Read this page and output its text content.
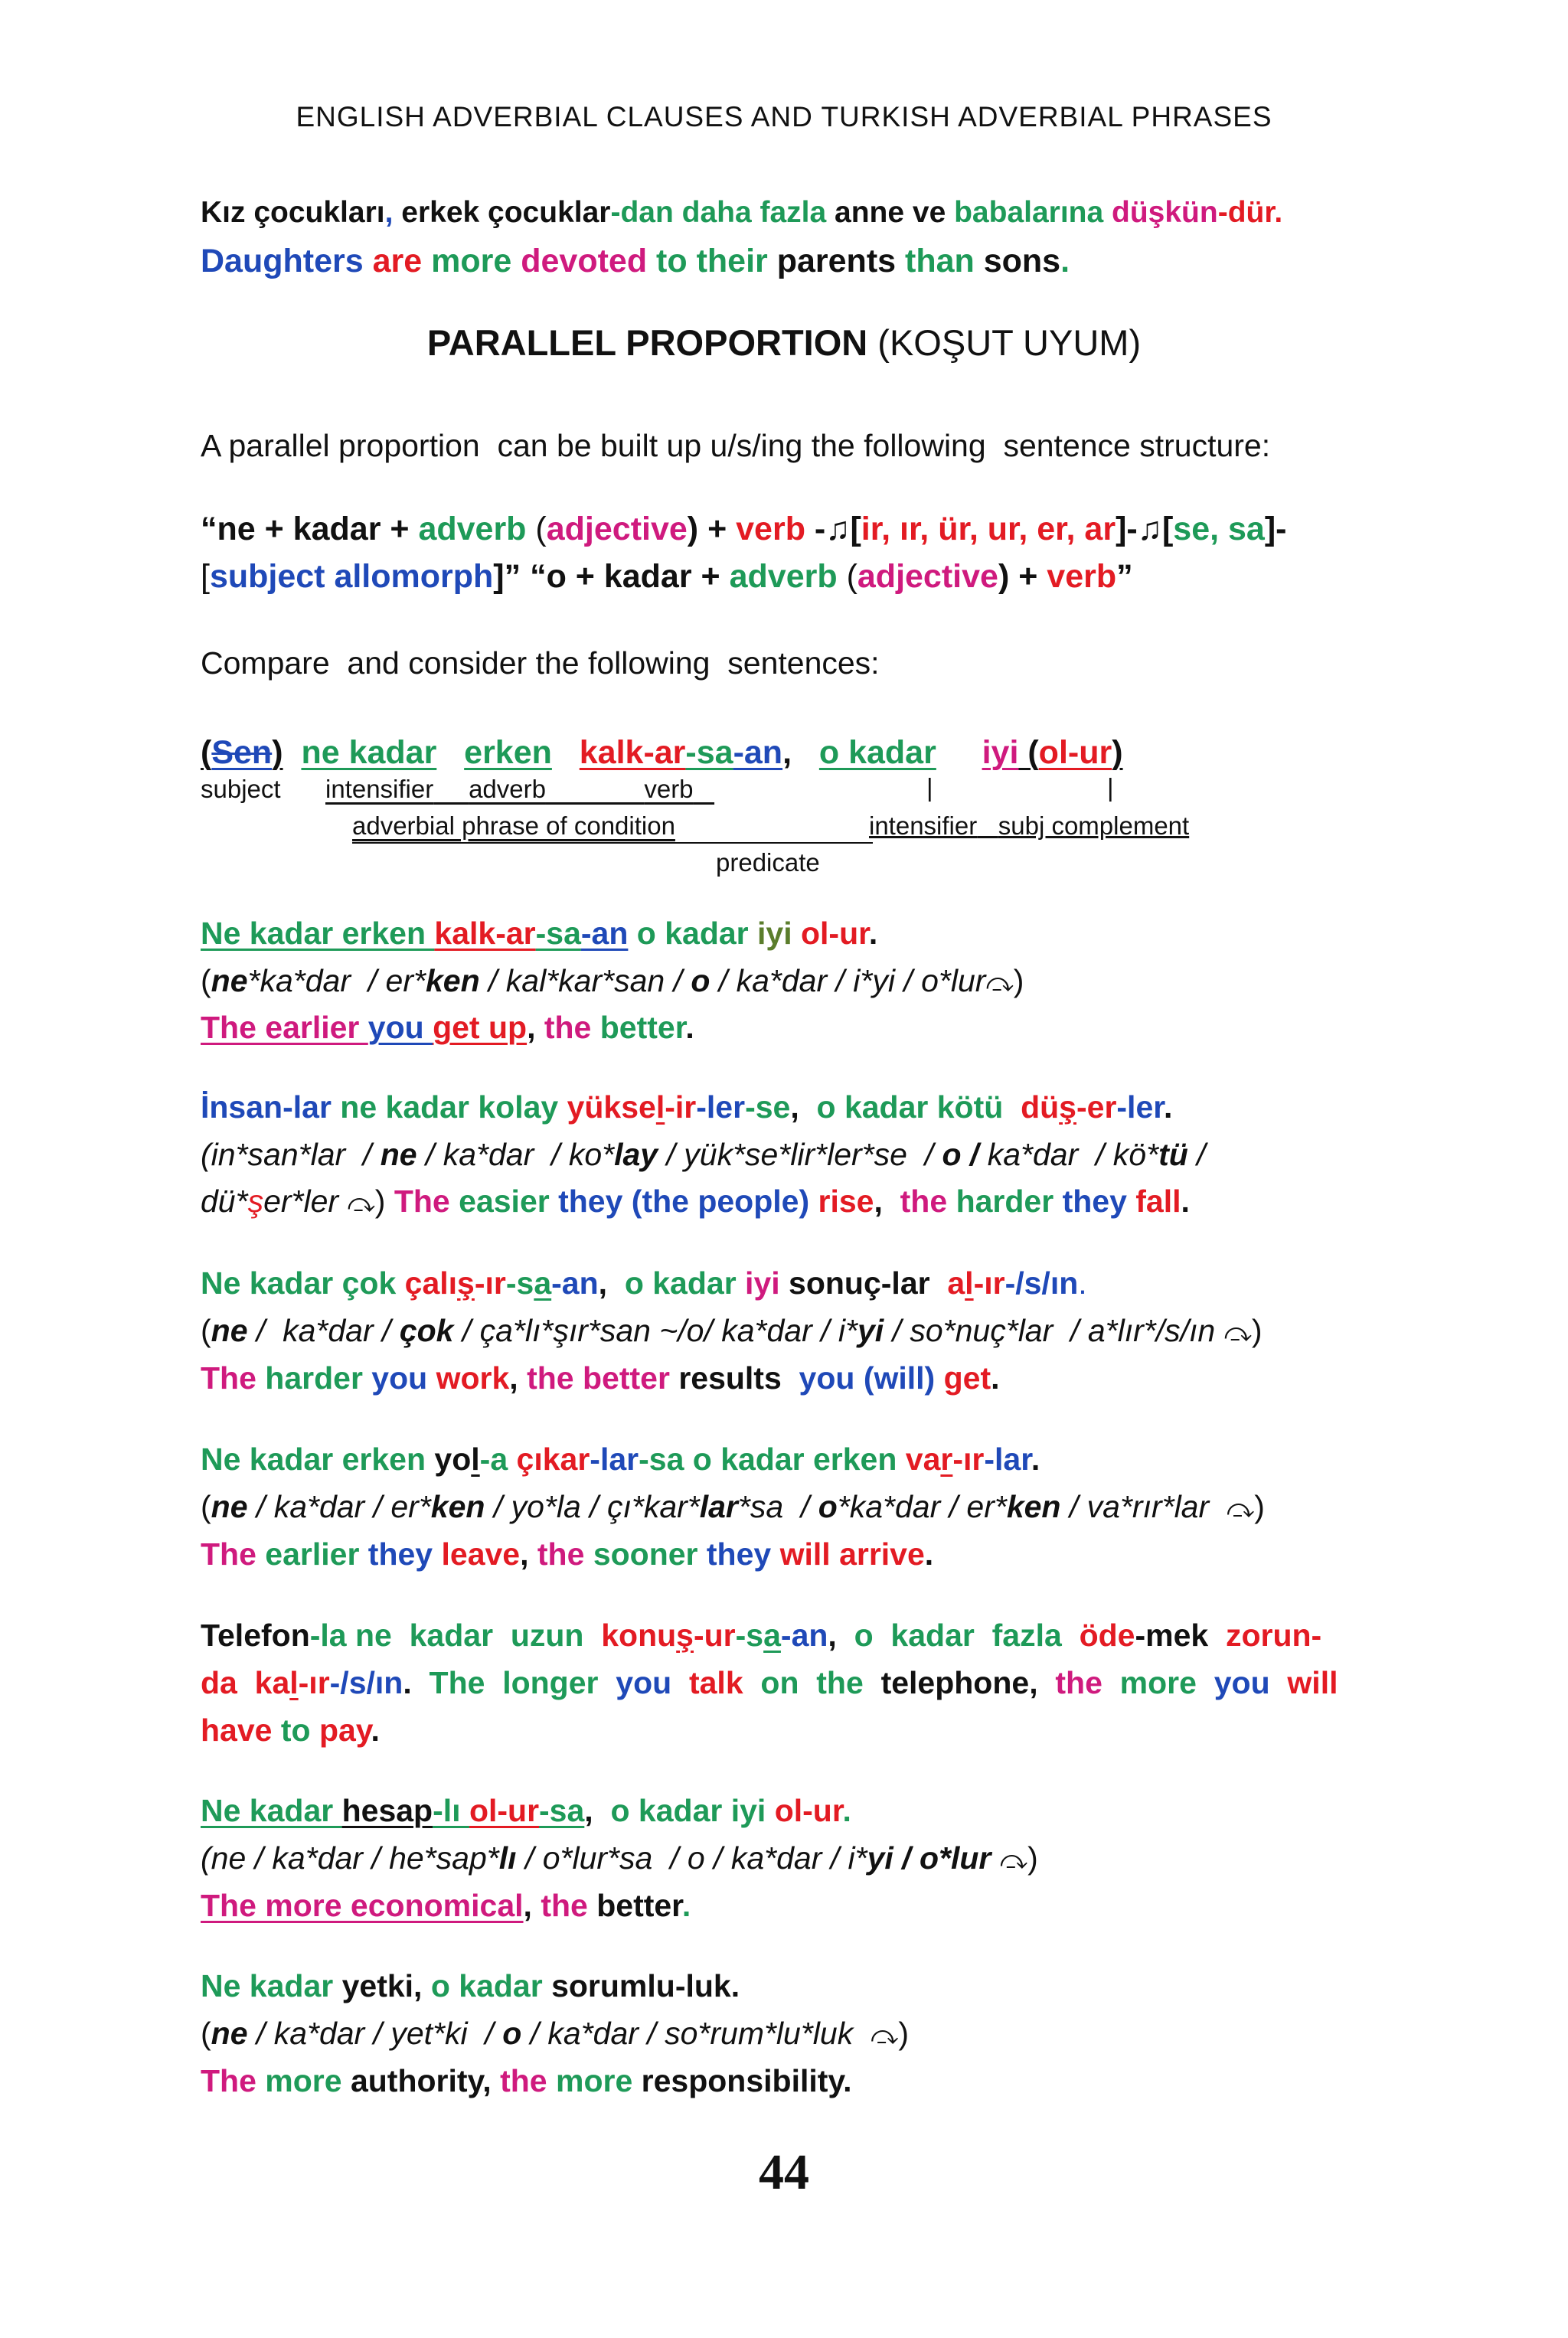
ENGLISH ADVERBIAL CLAUSES AND TURKISH ADVERBIAL PHRASES
PARALLEL PROPORTION (KOŞUT UYUM)
A parallel proportion  can be built up u/s/ing the following  sentence structure:
Compare  and consider the following  sentences:
subject intensifier adverb	verb	|	|
adverbial phrase of condition	intensifier subj complement
predicate
Kız çocukları, erkek çocuklar-dan daha fazla anne ve babalarına düşkün-dür.
Daughters are more devoted to their parents than sons.
“ne + kadar + adverb (adjective) + verb -♫[ir, ır, ür, ur, er, ar]-♫[se, sa]-
[subject allomorph]” “o + kadar + adverb (adjective) + verb”
(Sen) ne kadar erken kalk-ar-sa-an,   o kadar iyi (ol-ur)
Ne kadar erken kalk-ar-sa-an o kadar iyi ol-ur.
(ne*ka*dar  / er*ken / kal*kar*san / o / ka*dar / i*yi / o*lur⤼)
The earlier you get up, the better.
İnsan-lar ne kadar kolay yüksel-ir-ler-se,  o kadar kötü  düş-er-ler.
(in*san*lar  / ne / ka*dar  / ko*lay / yük*se*lir*ler*se  / o / ka*dar  / kö*tü /
dü*şer*ler ⤼) The easier they (the people) rise,  the harder they fall.
Ne kadar çok çalış-ır-sa-an,  o kadar iyi sonuç-lar  al-ır-/s/ın.
(ne /  ka*dar / çok / ça*lı*şır*san ~/o/ ka*dar / i*yi / so*nuç*lar  / a*lır*/s/ın ⤼)
The harder you work, the better results  you (will) get.
Ne kadar erken yol-a çıkar-lar-sa o kadar erken var-ır-lar.
(ne / ka*dar / er*ken / yo*la / çı*kar*lar*sa  / o*ka*dar / er*ken / va*rır*lar  ⤼)
The earlier they leave, the sooner they will arrive.
Telefon-la ne  kadar  uzun  konuş-ur-sa-an,  o  kadar  fazla  öde-mek  zorun-
da  kal-ır-/s/ın.  The  longer  you  talk  on  the  telephone,  the  more  you  will
have to pay.
Ne kadar hesap-lı ol-ur-sa,  o kadar iyi ol-ur.
(ne / ka*dar / he*sap*lı / o*lur*sa  / o / ka*dar / i*yi / o*lur ⤼)
The more economical, the better.
Ne kadar yetki, o kadar sorumlu-luk.
(ne / ka*dar / yet*ki  / o / ka*dar / so*rum*lu*luk  ⤼)
The more authority, the more responsibility.
44
